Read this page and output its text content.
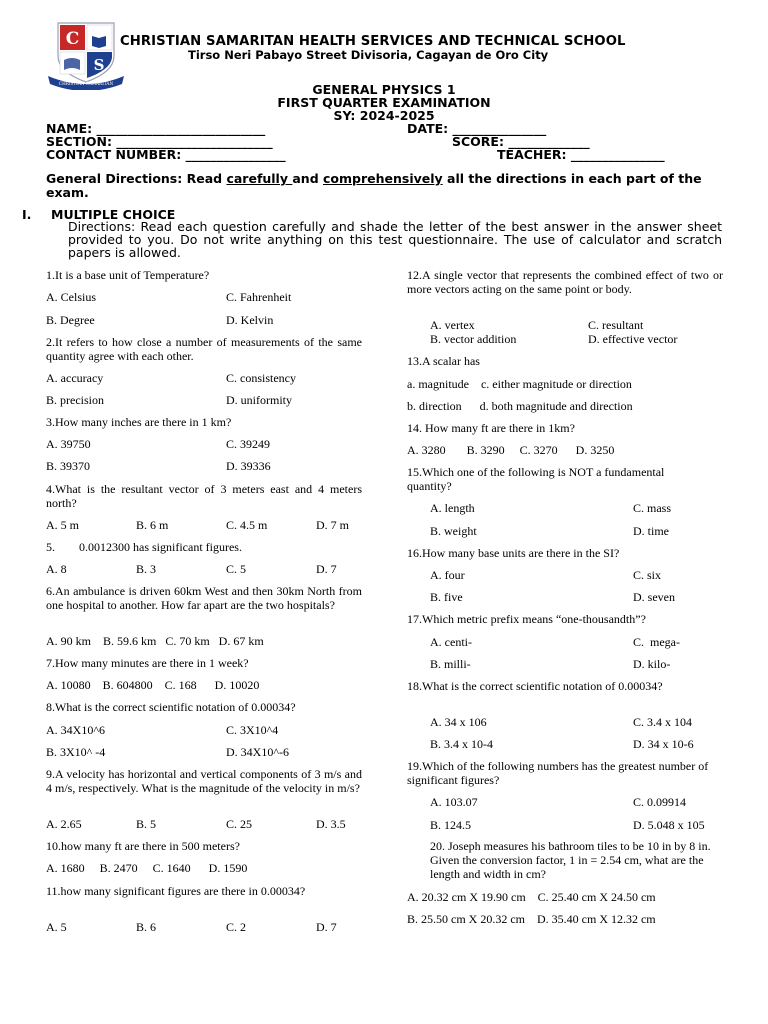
C
S
CHRISTIAN SAMARITAN
CHRISTIAN SAMARITAN HEALTH SERVICES AND TECHNICAL SCHOOL
Tirso Neri Pabayo Street Divisoria, Cagayan de Oro City
GENERAL PHYSICS 1
FIRST QUARTER EXAMINATION
SY: 2024-2025
NAME: ___________________________	DATE: _______________
SECTION: _________________________	SCORE: _____________
CONTACT NUMBER: ________________	TEACHER: _______________
General Directions: Read carefully and comprehensively all the directions in each part of the exam.
I. MULTIPLE CHOICE
Directions: Read each question carefully and shade the letter of the best answer in the answer sheet provided to you. Do not write anything on this test questionnaire. The use of calculator and scratch papers is allowed.
1.It is a base unit of Temperature?
A. Celsius	C. Fahrenheit
B. Degree	D. Kelvin
2.It refers to how close a number of measurements of the same quantity agree with each other.
A. accuracy	C. consistency
B. precision	D. uniformity
3.How many inches are there in 1 km?
A. 39750	C. 39249
B. 39370	D. 39336
4.What is the resultant vector of 3 meters east and 4 meters north?
A. 5 m	B. 6 m	C. 4.5 m	D. 7 m
5.        0.0012300 has significant figures.
A. 8	B. 3	C. 5	D. 7
6.An ambulance is driven 60km West and then 30km North from one hospital to another. How far apart are the two hospitals?
A. 90 km    B. 59.6 km   C. 70 km   D. 67 km
7.How many minutes are there in 1 week?
A. 10080    B. 604800    C. 168      D. 10020
8.What is the correct scientific notation of 0.00034?
A. 34X10^6	C. 3X10^4
B. 3X10^ -4	D. 34X10^-6
9.A velocity has horizontal and vertical components of 3 m/s and 4 m/s, respectively. What is the magnitude of the velocity in m/s?
A. 2.65	B. 5	C. 25	D. 3.5
10.how many ft are there in 500 meters?
A. 1680     B. 2470     C. 1640      D. 1590
11.how many significant figures are there in 0.00034?
A. 5	B. 6	C. 2	D. 7
12.A single vector that represents the combined effect of two or more vectors acting on the same point or body.
A. vertex	C. resultant
B. vector addition	D. effective vector
13.A scalar has
a. magnitude    c. either magnitude or direction
b. direction      d. both magnitude and direction
14. How many ft are there in 1km?
A. 3280       B. 3290     C. 3270      D. 3250
15.Which one of the following is NOT a fundamental quantity?
A. length	C. mass
B. weight	D. time
16.How many base units are there in the SI?
A. four	C. six
B. five	D. seven
17.Which metric prefix means “one-thousandth”?
A. centi-	C.  mega-
B. milli-	D. kilo-
18.What is the correct scientific notation of 0.00034?
A. 34 x 106	C. 3.4 x 104
B. 3.4 x 10-4	D. 34 x 10-6
19.Which of the following numbers has the greatest number of significant figures?
A. 103.07	C. 0.09914
B. 124.5	D. 5.048 x 105
20. Joseph measures his bathroom tiles to be 10 in by 8 in. Given the conversion factor, 1 in = 2.54 cm, what are the length and width in cm?
A. 20.32 cm X 19.90 cm    C. 25.40 cm X 24.50 cm
B. 25.50 cm X 20.32 cm    D. 35.40 cm X 12.32 cm
